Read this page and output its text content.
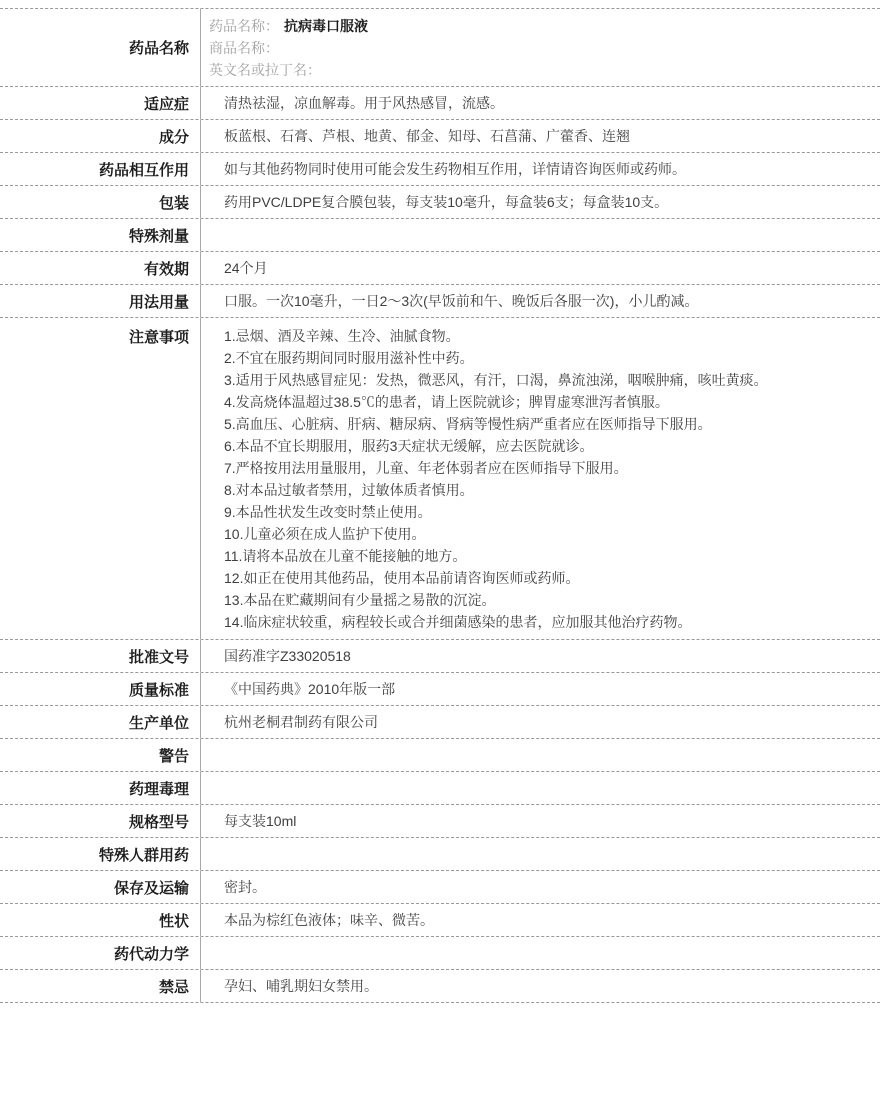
药品名称
药品名称： 抗病毒口服液
商品名称：
英文名或拉丁名：
适应症	清热祛湿，凉血解毒。用于风热感冒，流感。
成分	板蓝根、石膏、芦根、地黄、郁金、知母、石菖蒲、广藿香、连翘
药品相互作用	如与其他药物同时使用可能会发生药物相互作用，详情请咨询医师或药师。
包装	药用PVC/LDPE复合膜包装，每支装10毫升，每盒装6支；每盒装10支。
特殊剂量
有效期	24个月
用法用量	口服。一次10毫升，一日2～3次(早饭前和午、晚饭后各服一次)，小儿酌减。
注意事项	1.忌烟、酒及辛辣、生冷、油腻食物。
2.不宜在服药期间同时服用滋补性中药。
3.适用于风热感冒症见：发热，微恶风，有汗，口渴，鼻流浊涕，咽喉肿痛，咳吐黄痰。
4.发高烧体温超过38.5℃的患者，请上医院就诊；脾胃虚寒泄泻者慎服。
5.高血压、心脏病、肝病、糖尿病、肾病等慢性病严重者应在医师指导下服用。
6.本品不宜长期服用，服药3天症状无缓解，应去医院就诊。
7.严格按用法用量服用，儿童、年老体弱者应在医师指导下服用。
8.对本品过敏者禁用，过敏体质者慎用。
9.本品性状发生改变时禁止使用。
10.儿童必须在成人监护下使用。
11.请将本品放在儿童不能接触的地方。
12.如正在使用其他药品，使用本品前请咨询医师或药师。
13.本品在贮藏期间有少量摇之易散的沉淀。
14.临床症状较重，病程较长或合并细菌感染的患者，应加服其他治疗药物。
批准文号	国药准字Z33020518
质量标准	《中国药典》2010年版一部
生产单位	杭州老桐君制药有限公司
警告
药理毒理
规格型号	每支装10ml
特殊人群用药
保存及运输	密封。
性状	本品为棕红色液体；味辛、微苦。
药代动力学
禁忌	孕妇、哺乳期妇女禁用。
